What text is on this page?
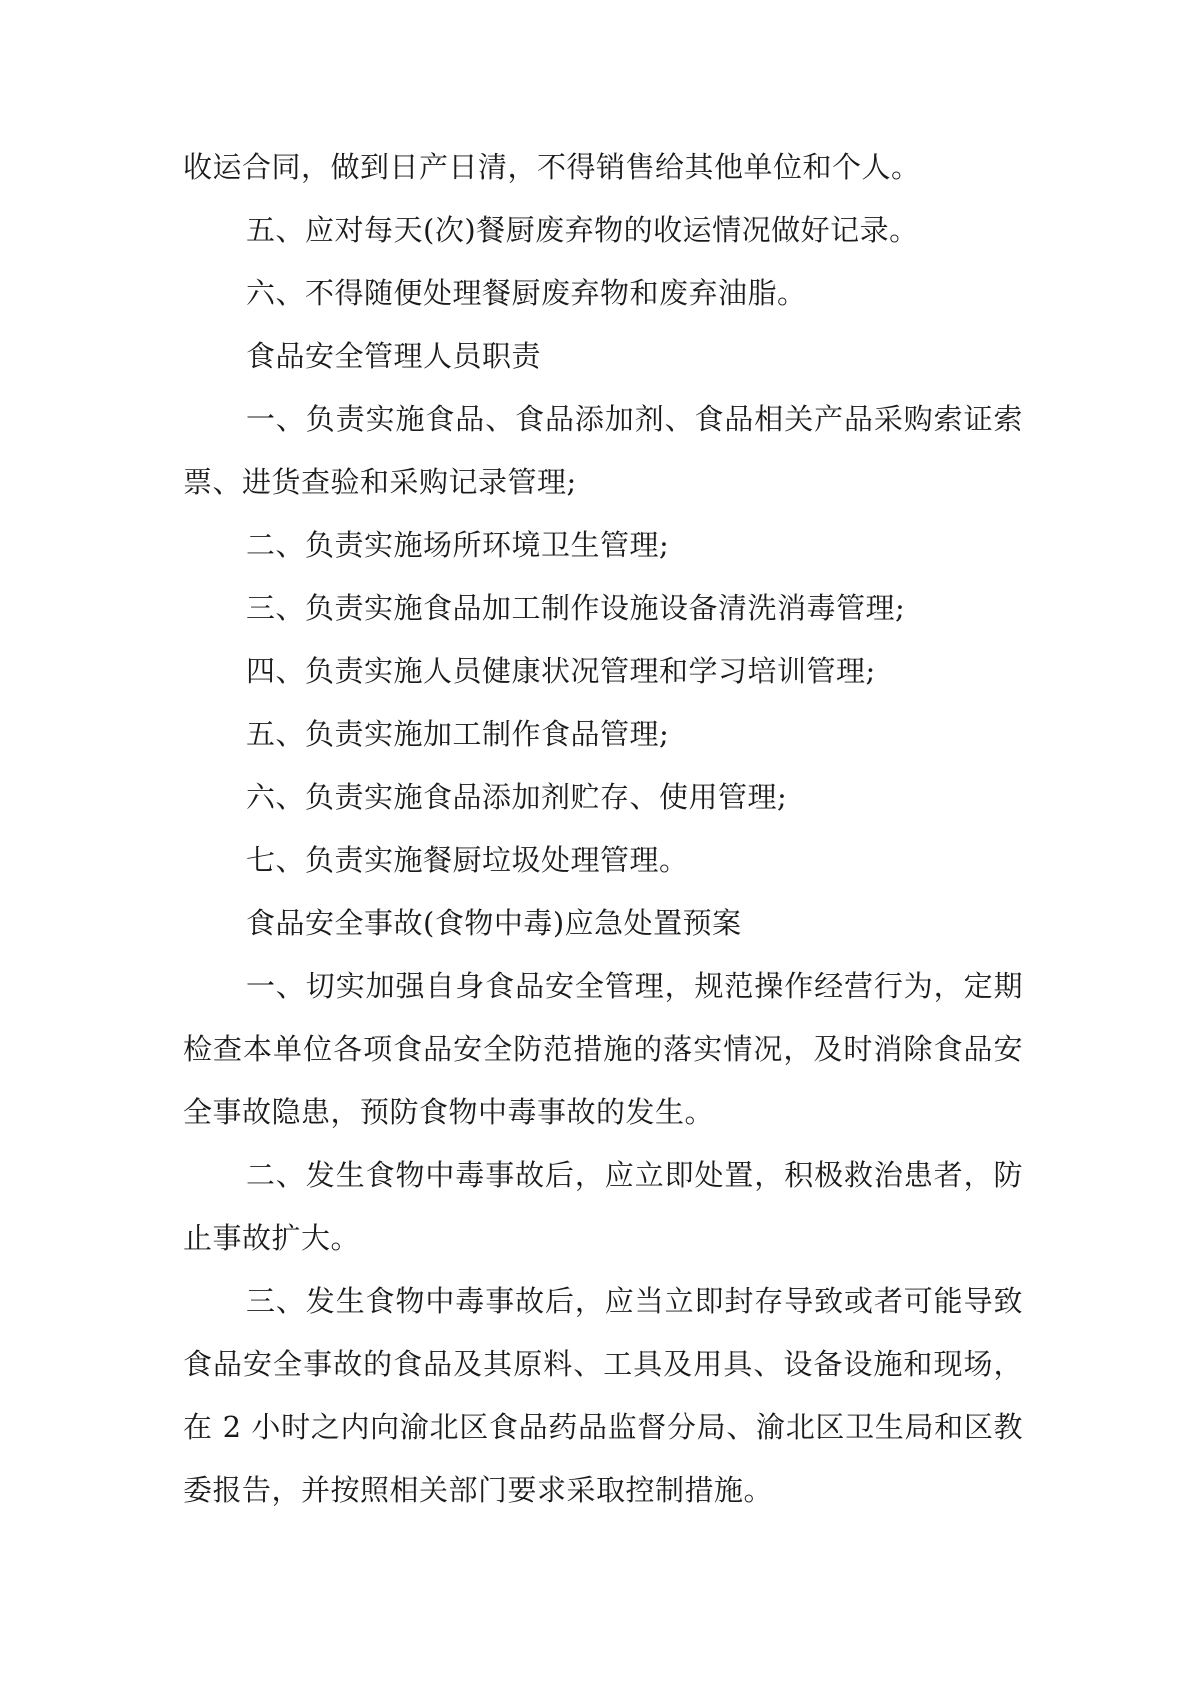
收运合同，做到日产日清，不得销售给其他单位和个人。

五、应对每天(次)餐厨废弃物的收运情况做好记录。

六、不得随便处理餐厨废弃物和废弃油脂。

食品安全管理人员职责

一、负责实施食品、食品添加剂、食品相关产品采购索证索票、进货查验和采购记录管理;

二、负责实施场所环境卫生管理;

三、负责实施食品加工制作设施设备清洗消毒管理;

四、负责实施人员健康状况管理和学习培训管理;

五、负责实施加工制作食品管理;

六、负责实施食品添加剂贮存、使用管理;

七、负责实施餐厨垃圾处理管理。

食品安全事故(食物中毒)应急处置预案

一、切实加强自身食品安全管理，规范操作经营行为，定期检查本单位各项食品安全防范措施的落实情况，及时消除食品安全事故隐患，预防食物中毒事故的发生。

二、发生食物中毒事故后，应立即处置，积极救治患者，防止事故扩大。

三、发生食物中毒事故后，应当立即封存导致或者可能导致食品安全事故的食品及其原料、工具及用具、设备设施和现场，在 2 小时之内向渝北区食品药品监督分局、渝北区卫生局和区教委报告，并按照相关部门要求采取控制措施。
